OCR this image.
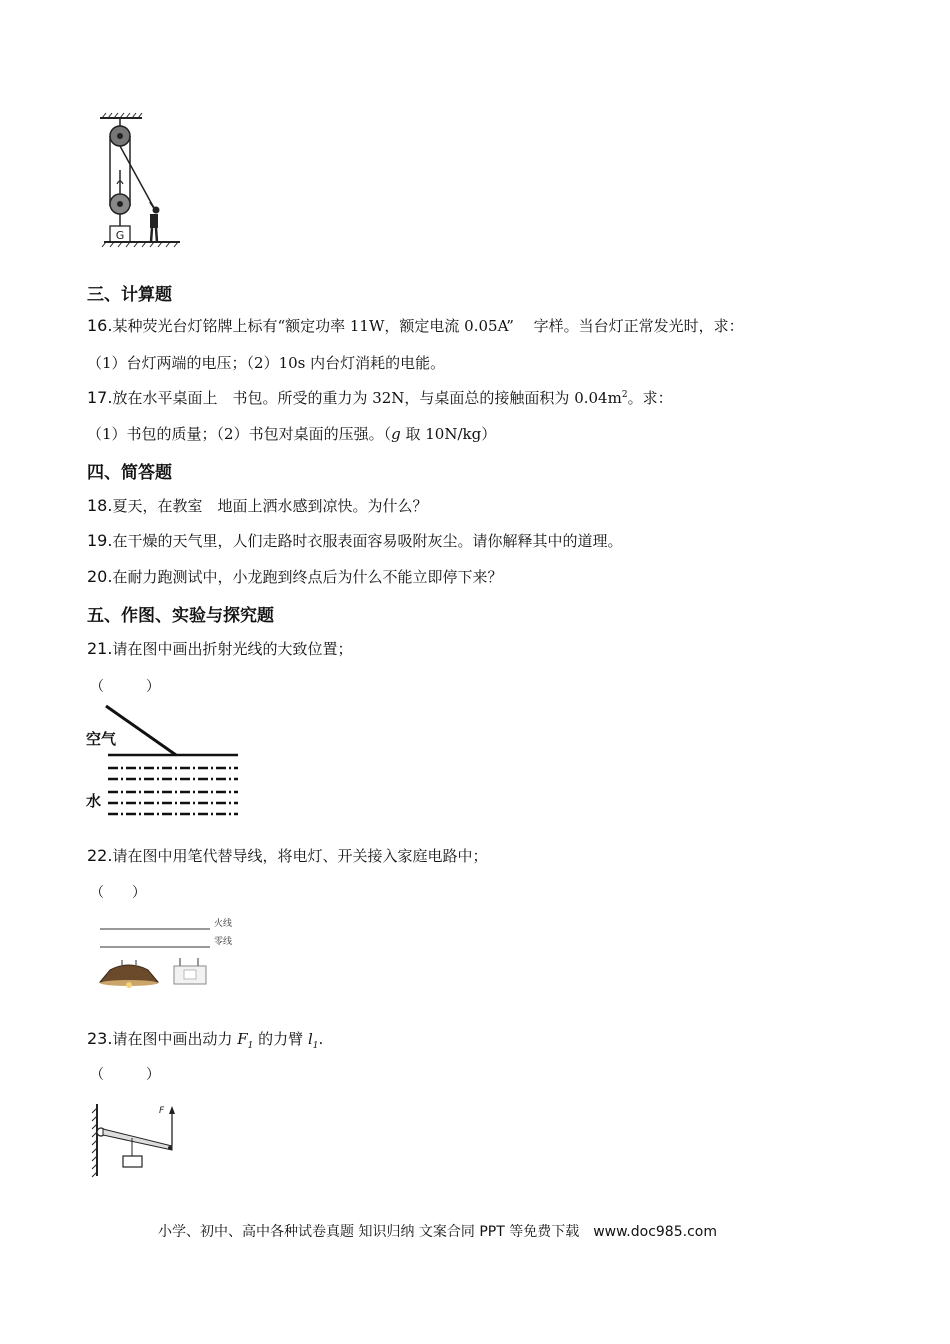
G
三、计算题
16.某种荧光台灯铭牌上标有“额定功率 11W，额定电流 0.05A”　 字样。当台灯正常发光时，求：
（1）台灯两端的电压；（2）10s 内台灯消耗的电能。
17.放在水平桌面上　书包。所受的重力为 32N，与桌面总的接触面积为 $0.04m^2$。求：
（1）书包的质量；（2）书包对桌面的压强。（g 取 10N/kg）
四、简答题
18.夏天，在教室　地面上洒水感到凉快。为什么？
19.在干燥的天气里，人们走路时衣服表面容易吸附灰尘。请你解释其中的道理。
20.在耐力跑测试中，小龙跑到终点后为什么不能立即停下来？
五、作图、实验与探究题
21.请在图中画出折射光线的大致位置；
（　　　）
空气
水
22.请在图中用笔代替导线，将电灯、开关接入家庭电路中；
（　　）
火线
零线
23.请在图中画出动力 $F_1$ 的力臂 $l_1$.
（　　　）
F
小学、初中、高中各种试卷真题 知识归纳 文案合同 PPT 等免费下载　www.doc985.com
